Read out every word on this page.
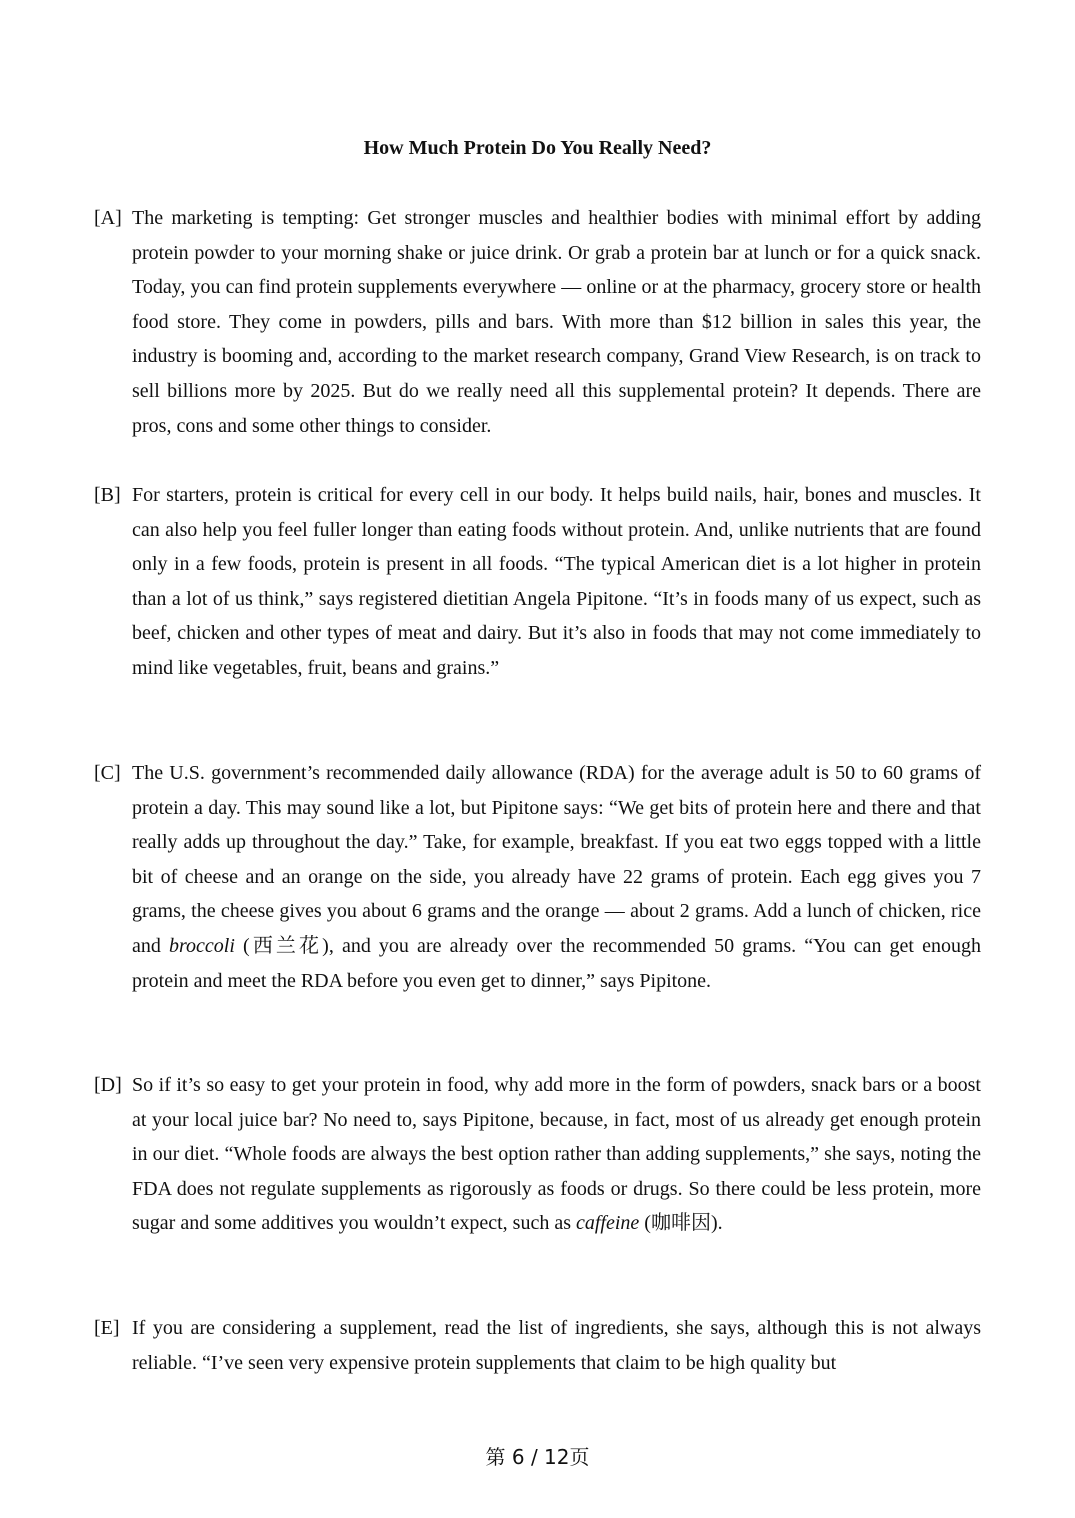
How Much Protein Do You Really Need?
[A] The marketing is tempting: Get stronger muscles and healthier bodies with minimal effort by adding protein powder to your morning shake or juice drink. Or grab a protein bar at lunch or for a quick snack. Today, you can find protein supplements everywhere — online or at the pharmacy, grocery store or health food store. They come in powders, pills and bars. With more than $12 billion in sales this year, the industry is booming and, according to the market research company, Grand View Research, is on track to sell billions more by 2025. But do we really need all this supplemental protein? It depends. There are pros, cons and some other things to consider.
[B] For starters, protein is critical for every cell in our body. It helps build nails, hair, bones and muscles. It can also help you feel fuller longer than eating foods without protein. And, unlike nutrients that are found only in a few foods, protein is present in all foods. “The typical American diet is a lot higher in protein than a lot of us think,” says registered dietitian Angela Pipitone. “It’s in foods many of us expect, such as beef, chicken and other types of meat and dairy. But it’s also in foods that may not come immediately to mind like vegetables, fruit, beans and grains.”
[C] The U.S. government’s recommended daily allowance (RDA) for the average adult is 50 to 60 grams of protein a day. This may sound like a lot, but Pipitone says: “We get bits of protein here and there and that really adds up throughout the day.” Take, for example, breakfast. If you eat two eggs topped with a little bit of cheese and an orange on the side, you already have 22 grams of protein. Each egg gives you 7 grams, the cheese gives you about 6 grams and the orange — about 2 grams. Add a lunch of chicken, rice and broccoli (西兰花), and you are already over the recommended 50 grams. “You can get enough protein and meet the RDA before you even get to dinner,” says Pipitone.
[D] So if it’s so easy to get your protein in food, why add more in the form of powders, snack bars or a boost at your local juice bar? No need to, says Pipitone, because, in fact, most of us already get enough protein in our diet. “Whole foods are always the best option rather than adding supplements,” she says, noting the FDA does not regulate supplements as rigorously as foods or drugs. So there could be less protein, more sugar and some additives you wouldn’t expect, such as caffeine (咖啡因).
[E] If you are considering a supplement, read the list of ingredients, she says, although this is not always reliable. “I’ve seen very expensive protein supplements that claim to be high quality but
第 6 / 12页
